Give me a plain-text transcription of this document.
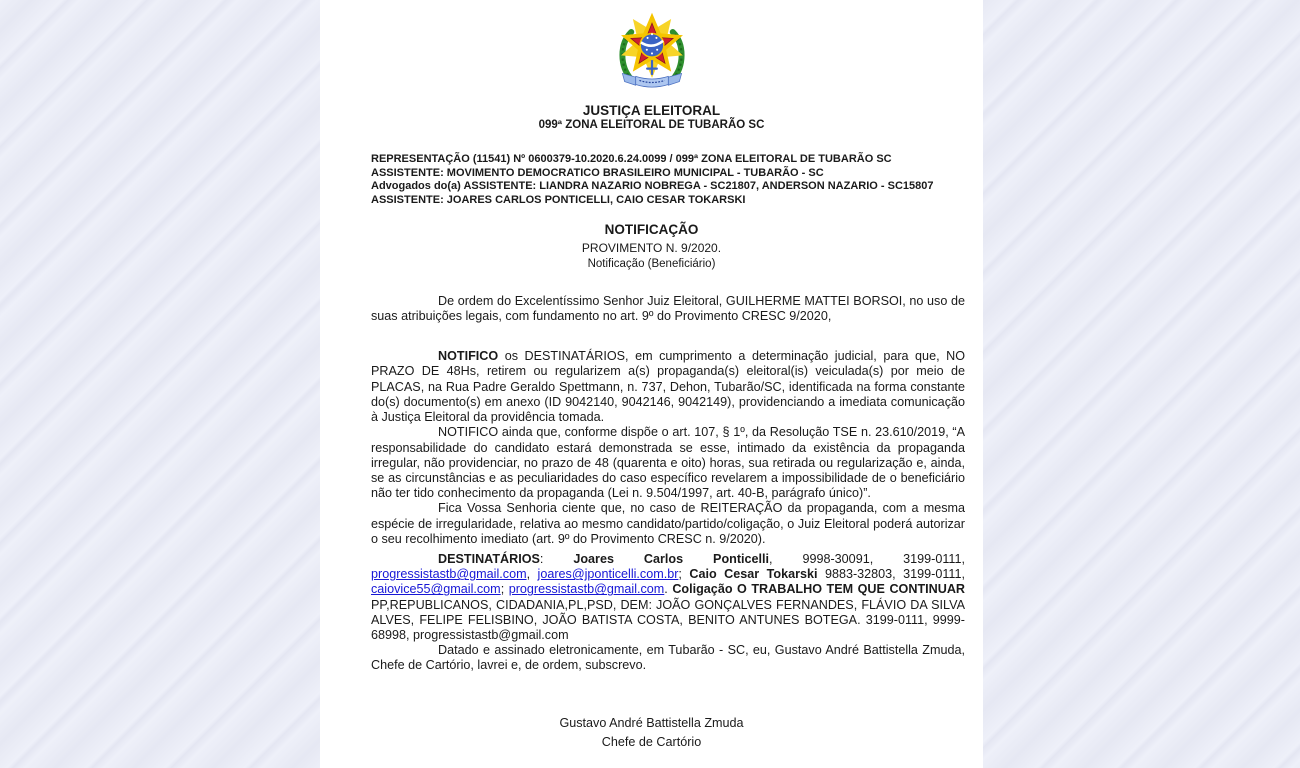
JUSTIÇA ELEITORAL
099ª ZONA ELEITORAL DE TUBARÃO SC
REPRESENTAÇÃO (11541) Nº 0600379-10.2020.6.24.0099 / 099ª ZONA ELEITORAL DE TUBARÃO SC
ASSISTENTE: MOVIMENTO DEMOCRATICO BRASILEIRO MUNICIPAL - TUBARÃO - SC
Advogados do(a) ASSISTENTE: LIANDRA NAZARIO NOBREGA - SC21807, ANDERSON NAZARIO - SC15807
ASSISTENTE: JOARES CARLOS PONTICELLI, CAIO CESAR TOKARSKI
NOTIFICAÇÃO
PROVIMENTO N. 9/2020.
Notificação (Beneficiário)

De ordem do Excelentíssimo Senhor Juiz Eleitoral, GUILHERME MATTEI BORSOI, no uso de suas atribuições legais, com fundamento no art. 9º do Provimento CRESC 9/2020,

NOTIFICO os DESTINATÁRIOS, em cumprimento a determinação judicial, para que, NO PRAZO DE 48Hs, retirem ou regularizem a(s) propaganda(s) eleitoral(is) veiculada(s) por meio de PLACAS, na Rua Padre Geraldo Spettmann, n. 737, Dehon, Tubarão/SC, identificada na forma constante do(s) documento(s) em anexo (ID 9042140, 9042146, 9042149), providenciando a imediata comunicação à Justiça Eleitoral da providência tomada.

NOTIFICO ainda que, conforme dispõe o art. 107, § 1º, da Resolução TSE n. 23.610/2019, “A responsabilidade do candidato estará demonstrada se esse, intimado da existência da propaganda irregular, não providenciar, no prazo de 48 (quarenta e oito) horas, sua retirada ou regularização e, ainda, se as circunstâncias e as peculiaridades do caso específico revelarem a impossibilidade de o beneficiário não ter tido conhecimento da propaganda (Lei n. 9.504/1997, art. 40-B, parágrafo único)”.

Fica Vossa Senhoria ciente que, no caso de REITERAÇÃO da propaganda, com a mesma espécie de irregularidade, relativa ao mesmo candidato/partido/coligação, o Juiz Eleitoral poderá autorizar o seu recolhimento imediato (art. 9º do Provimento CRESC n. 9/2020).

DESTINATÁRIOS: Joares Carlos Ponticelli, 9998-30091, 3199-0111, progressistastb@gmail.com, joares@jponticelli.com.br; Caio Cesar Tokarski 9883-32803, 3199-0111, caiovice55@gmail.com; progressistastb@gmail.com. Coligação O TRABALHO TEM QUE CONTINUAR PP,REPUBLICANOS, CIDADANIA,PL,PSD, DEM: JOÃO GONÇALVES FERNANDES, FLÁVIO DA SILVA ALVES, FELIPE FELISBINO, JOÃO BATISTA COSTA, BENITO ANTUNES BOTEGA. 3199-0111, 9999-68998, progressistastb@gmail.com

Datado e assinado eletronicamente, em Tubarão - SC, eu, Gustavo André Battistella Zmuda, Chefe de Cartório, lavrei e, de ordem, subscrevo.

Gustavo André Battistella Zmuda
Chefe de Cartório
